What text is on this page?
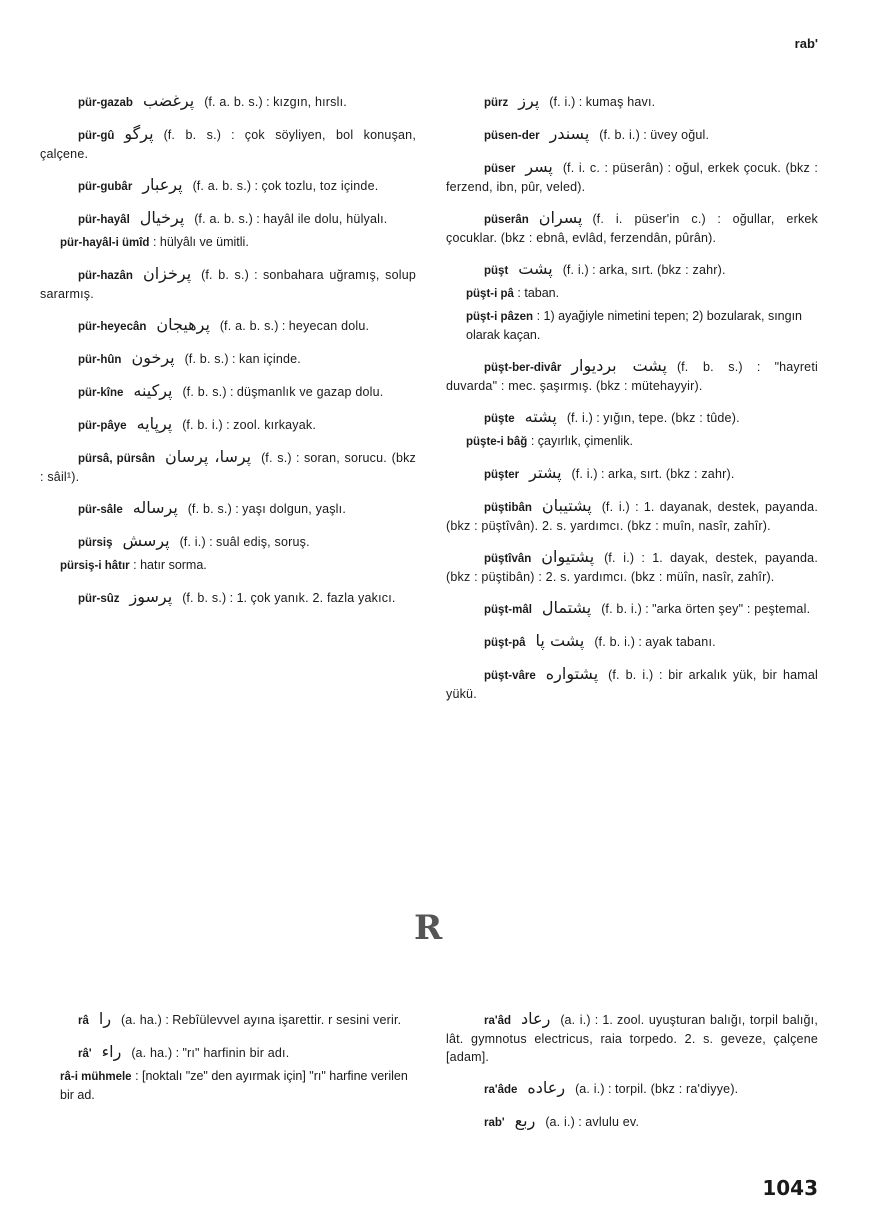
rab'

pür-gazab پرغضب (f. a. b. s.) : kızgın, hırslı.

pür-gû پرگو (f. b. s.) : çok söyliyen, bol konuşan, çalçene.

pür-gubâr پرعبار (f. a. b. s.) : çok tozlu, toz içinde.

pür-hayâl پرخیال (f. a. b. s.) : hayâl ile dolu, hülyalı.

pür-hayâl-i ümîd : hülyâlı ve ümitli.

pür-hazân پرخزان (f. b. s.) : sonbahara uğramış, solup sararmış.

pür-heyecân پرهیجان (f. a. b. s.) : heyecan dolu.

pür-hûn پرخون (f. b. s.) : kan içinde.

pür-kîne پرکینه (f. b. s.) : düşmanlık ve gazap dolu.

pür-pâye پرپایه (f. b. i.) : zool. kırkayak.

pürsâ, pürsân پرسا، پرسان (f. s.) : soran, sorucu. (bkz : sâil¹).

pür-sâle پرساله (f. b. s.) : yaşı dolgun, yaşlı.

pürsiş پرسش (f. i.) : suâl ediş, soruş.

pürsiş-i hâtır : hatır sorma.

pür-sûz پرسوز (f. b. s.) : 1. çok yanık. 2. fazla yakıcı.

pürz پرز (f. i.) : kumaş havı.

püsen-der پسندر (f. b. i.) : üvey oğul.

püser پسر (f. i. c. : püserân) : oğul, erkek çocuk. (bkz : ferzend, ibn, pûr, veled).

püserân پسران (f. i. püser'in c.) : oğullar, erkek çocuklar. (bkz : ebnâ, evlâd, ferzendân, pûrân).

püşt پشت (f. i.) : arka, sırt. (bkz : zahr).

püşt-i pâ : taban.

püşt-i pâzen : 1) ayağiyle nimetini tepen; 2) bozularak, sıngın olarak kaçan.

püşt-ber-divâr پشت بردیوار (f. b. s.) : "hayreti duvarda" : mec. şaşırmış. (bkz : mütehayyir).

püşte پشته (f. i.) : yığın, tepe. (bkz : tûde).

püşte-i bâğ : çayırlık, çimenlik.

püşter پشتر (f. i.) : arka, sırt. (bkz : zahr).

püştibân پشتیبان (f. i.) : 1. dayanak, destek, payanda. (bkz : püştîvân). 2. s. yardımcı. (bkz : muîn, nasîr, zahîr).

püştîvân پشتیوان (f. i.) : 1. dayak, destek, payanda. (bkz : püştibân) : 2. s. yardımcı. (bkz : müîn, nasîr, zahîr).

püşt-mâl پشتمال (f. b. i.) : "arka örten şey" : peştemal.

püşt-pâ پشت پا (f. b. i.) : ayak tabanı.

püşt-vâre پشتواره (f. b. i.) : bir arkalık yük, bir hamal yükü.

R

râ را (a. ha.) : Rebîülevvel ayına işarettir. r sesini verir.

râ' راء (a. ha.) : "rı" harfinin bir adı.

râ-i mühmele : [noktalı "ze" den ayırmak için] "rı" harfine verilen bir ad.

ra'âd رعاد (a. i.) : 1. zool. uyuşturan balığı, torpil balığı, lât. gymnotus electricus, raia torpedo. 2. s. geveze, çalçene [adam].

ra'âde رعاده (a. i.) : torpil. (bkz : ra'diyye).

rab' ربع (a. i.) : avlulu ev.

1043
